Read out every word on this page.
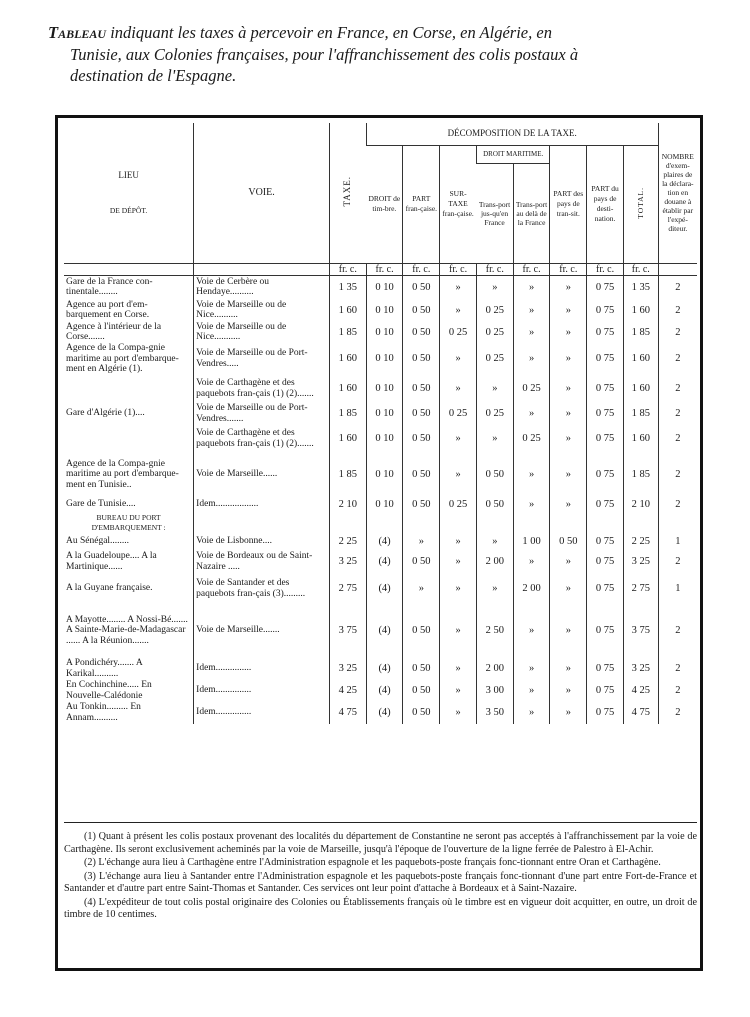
Tableau indiquant les taxes à percevoir en France, en Corse, en Algérie, en
Tunisie, aux Colonies françaises, pour l'affranchissement des colis postaux à
destination de l'Espagne.
LIEU
DE DÉPÔT.	VOIE.	TAXE.	DÉCOMPOSITION DE LA TAXE.								NOMBRE d'exem-plaires de la déclara-tion en douane à établir par l'expé-diteur.
			DROIT de tim-bre.	PART fran-çaise.	SUR-TAXE fran-çaise.	DROIT MARITIME.		PART des pays de tran-sit.	PART du pays de desti-nation.	TOTAL.	
						Trans-port jus-qu'en France	Trans-port au delà de la France				
		fr. c.	fr. c.	fr. c.	fr. c.	fr. c.	fr. c.	fr. c.	fr. c.	fr. c.	
Gare de la France con-tinentale........	Voie de Cerbère ou Hendaye..........	1 35	0 10	0 50	»	»	»	»	0 75	1 35	2
Agence au port d'em-barquement en Corse.	Voie de Marseille ou de Nice..........	1 60	0 10	0 50	»	0 25	»	»	0 75	1 60	2
Agence à l'intérieur de la Corse.......	Voie de Marseille ou de Nice...........	1 85	0 10	0 50	0 25	0 25	»	»	0 75	1 85	2
Agence de la Compa-gnie maritime au port d'embarque-ment en Algérie (1).	Voie de Marseille ou de Port-Vendres.....	1 60	0 10	0 50	»	0 25	»	»	0 75	1 60	2
	Voie de Carthagène et des paquebots fran-çais (1) (2).......	1 60	0 10	0 50	»	»	0 25	»	0 75	1 60	2
Gare d'Algérie (1)....	Voie de Marseille ou de Port-Vendres.......	1 85	0 10	0 50	0 25	0 25	»	»	0 75	1 85	2
	Voie de Carthagène et des paquebots fran-çais (1) (2).......	1 60	0 10	0 50	»	»	0 25	»	0 75	1 60	2
Agence de la Compa-gnie maritime au port d'embarque-ment en Tunisie..	Voie de Marseille......	1 85	0 10	0 50	»	0 50	»	»	0 75	1 85	2
Gare de Tunisie....	Idem..................	2 10	0 10	0 50	0 25	0 50	»	»	0 75	2 10	2
BUREAU DU PORT D'EMBARQUEMENT :											
Au Sénégal........	Voie de Lisbonne....	2 25	(4)	»	»	»	1 00	0 50	0 75	2 25	1
A la Guadeloupe.... A la Martinique......	Voie de Bordeaux ou de Saint-Nazaire .....	3 25	(4)	0 50	»	2 00	»	»	0 75	3 25	2
A la Guyane française.	Voie de Santander et des paquebots fran-çais (3).........	2 75	(4)	»	»	»	2 00	»	0 75	2 75	1
A Mayotte........ A Nossi-Bé....... A Sainte-Marie-de-Madagascar ...... A la Réunion.......	Voie de Marseille.......	3 75	(4)	0 50	»	2 50	»	»	0 75	3 75	2
A Pondichéry....... A Karikal..........	Idem...............	3 25	(4)	0 50	»	2 00	»	»	0 75	3 25	2
En Cochinchine..... En Nouvelle-Calédonie	Idem...............	4 25	(4)	0 50	»	3 00	»	»	0 75	4 25	2
Au Tonkin......... En Annam..........	Idem...............	4 75	(4)	0 50	»	3 50	»	»	0 75	4 75	2

(1) Quant à présent les colis postaux provenant des localités du département de Constantine ne seront pas acceptés à l'affranchissement par la voie de Carthagène. Ils seront exclusivement acheminés par la voie de Marseille, jusqu'à l'époque de l'ouverture de la ligne ferrée de Palestro à El-Achir.

(2) L'échange aura lieu à Carthagène entre l'Administration espagnole et les paquebots-poste français fonc-tionnant entre Oran et Carthagène.

(3) L'échange aura lieu à Santander entre l'Administration espagnole et les paquebots-poste français fonc-tionnant d'une part entre Fort-de-France et Santander et d'autre part entre Saint-Thomas et Santander. Ces services ont leur point d'attache à Bordeaux et à Saint-Nazaire.

(4) L'expéditeur de tout colis postal originaire des Colonies ou Établissements français où le timbre est en vigueur doit acquitter, en outre, un droit de timbre de 10 centimes.
